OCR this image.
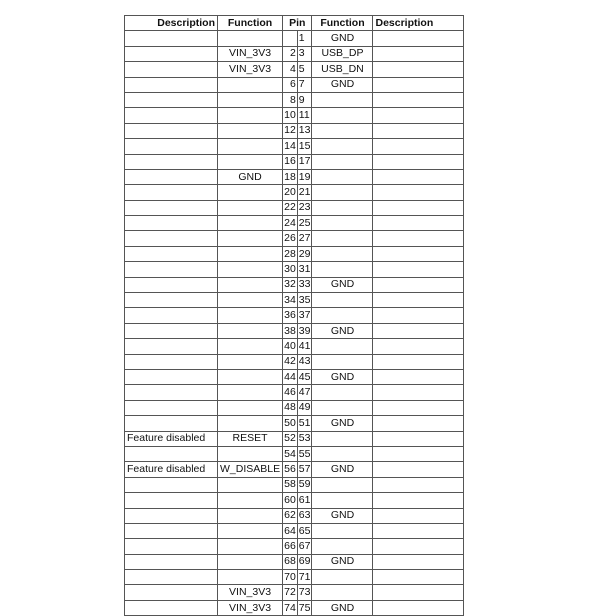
Description	Function	Pin		Function	Description
			1	GND	
	VIN_3V3	2	3	USB_DP	
	VIN_3V3	4	5	USB_DN	
		6	7	GND	
		8	9		
		10	11		
		12	13		
		14	15		
		16	17		
	GND	18	19		
		20	21		
		22	23		
		24	25		
		26	27		
		28	29		
		30	31		
		32	33	GND	
		34	35		
		36	37		
		38	39	GND	
		40	41		
		42	43		
		44	45	GND	
		46	47		
		48	49		
		50	51	GND	
Feature disabled	RESET	52	53		
		54	55		
Feature disabled	W_DISABLE	56	57	GND	
		58	59		
		60	61		
		62	63	GND	
		64	65		
		66	67		
		68	69	GND	
		70	71		
	VIN_3V3	72	73		
	VIN_3V3	74	75	GND	
